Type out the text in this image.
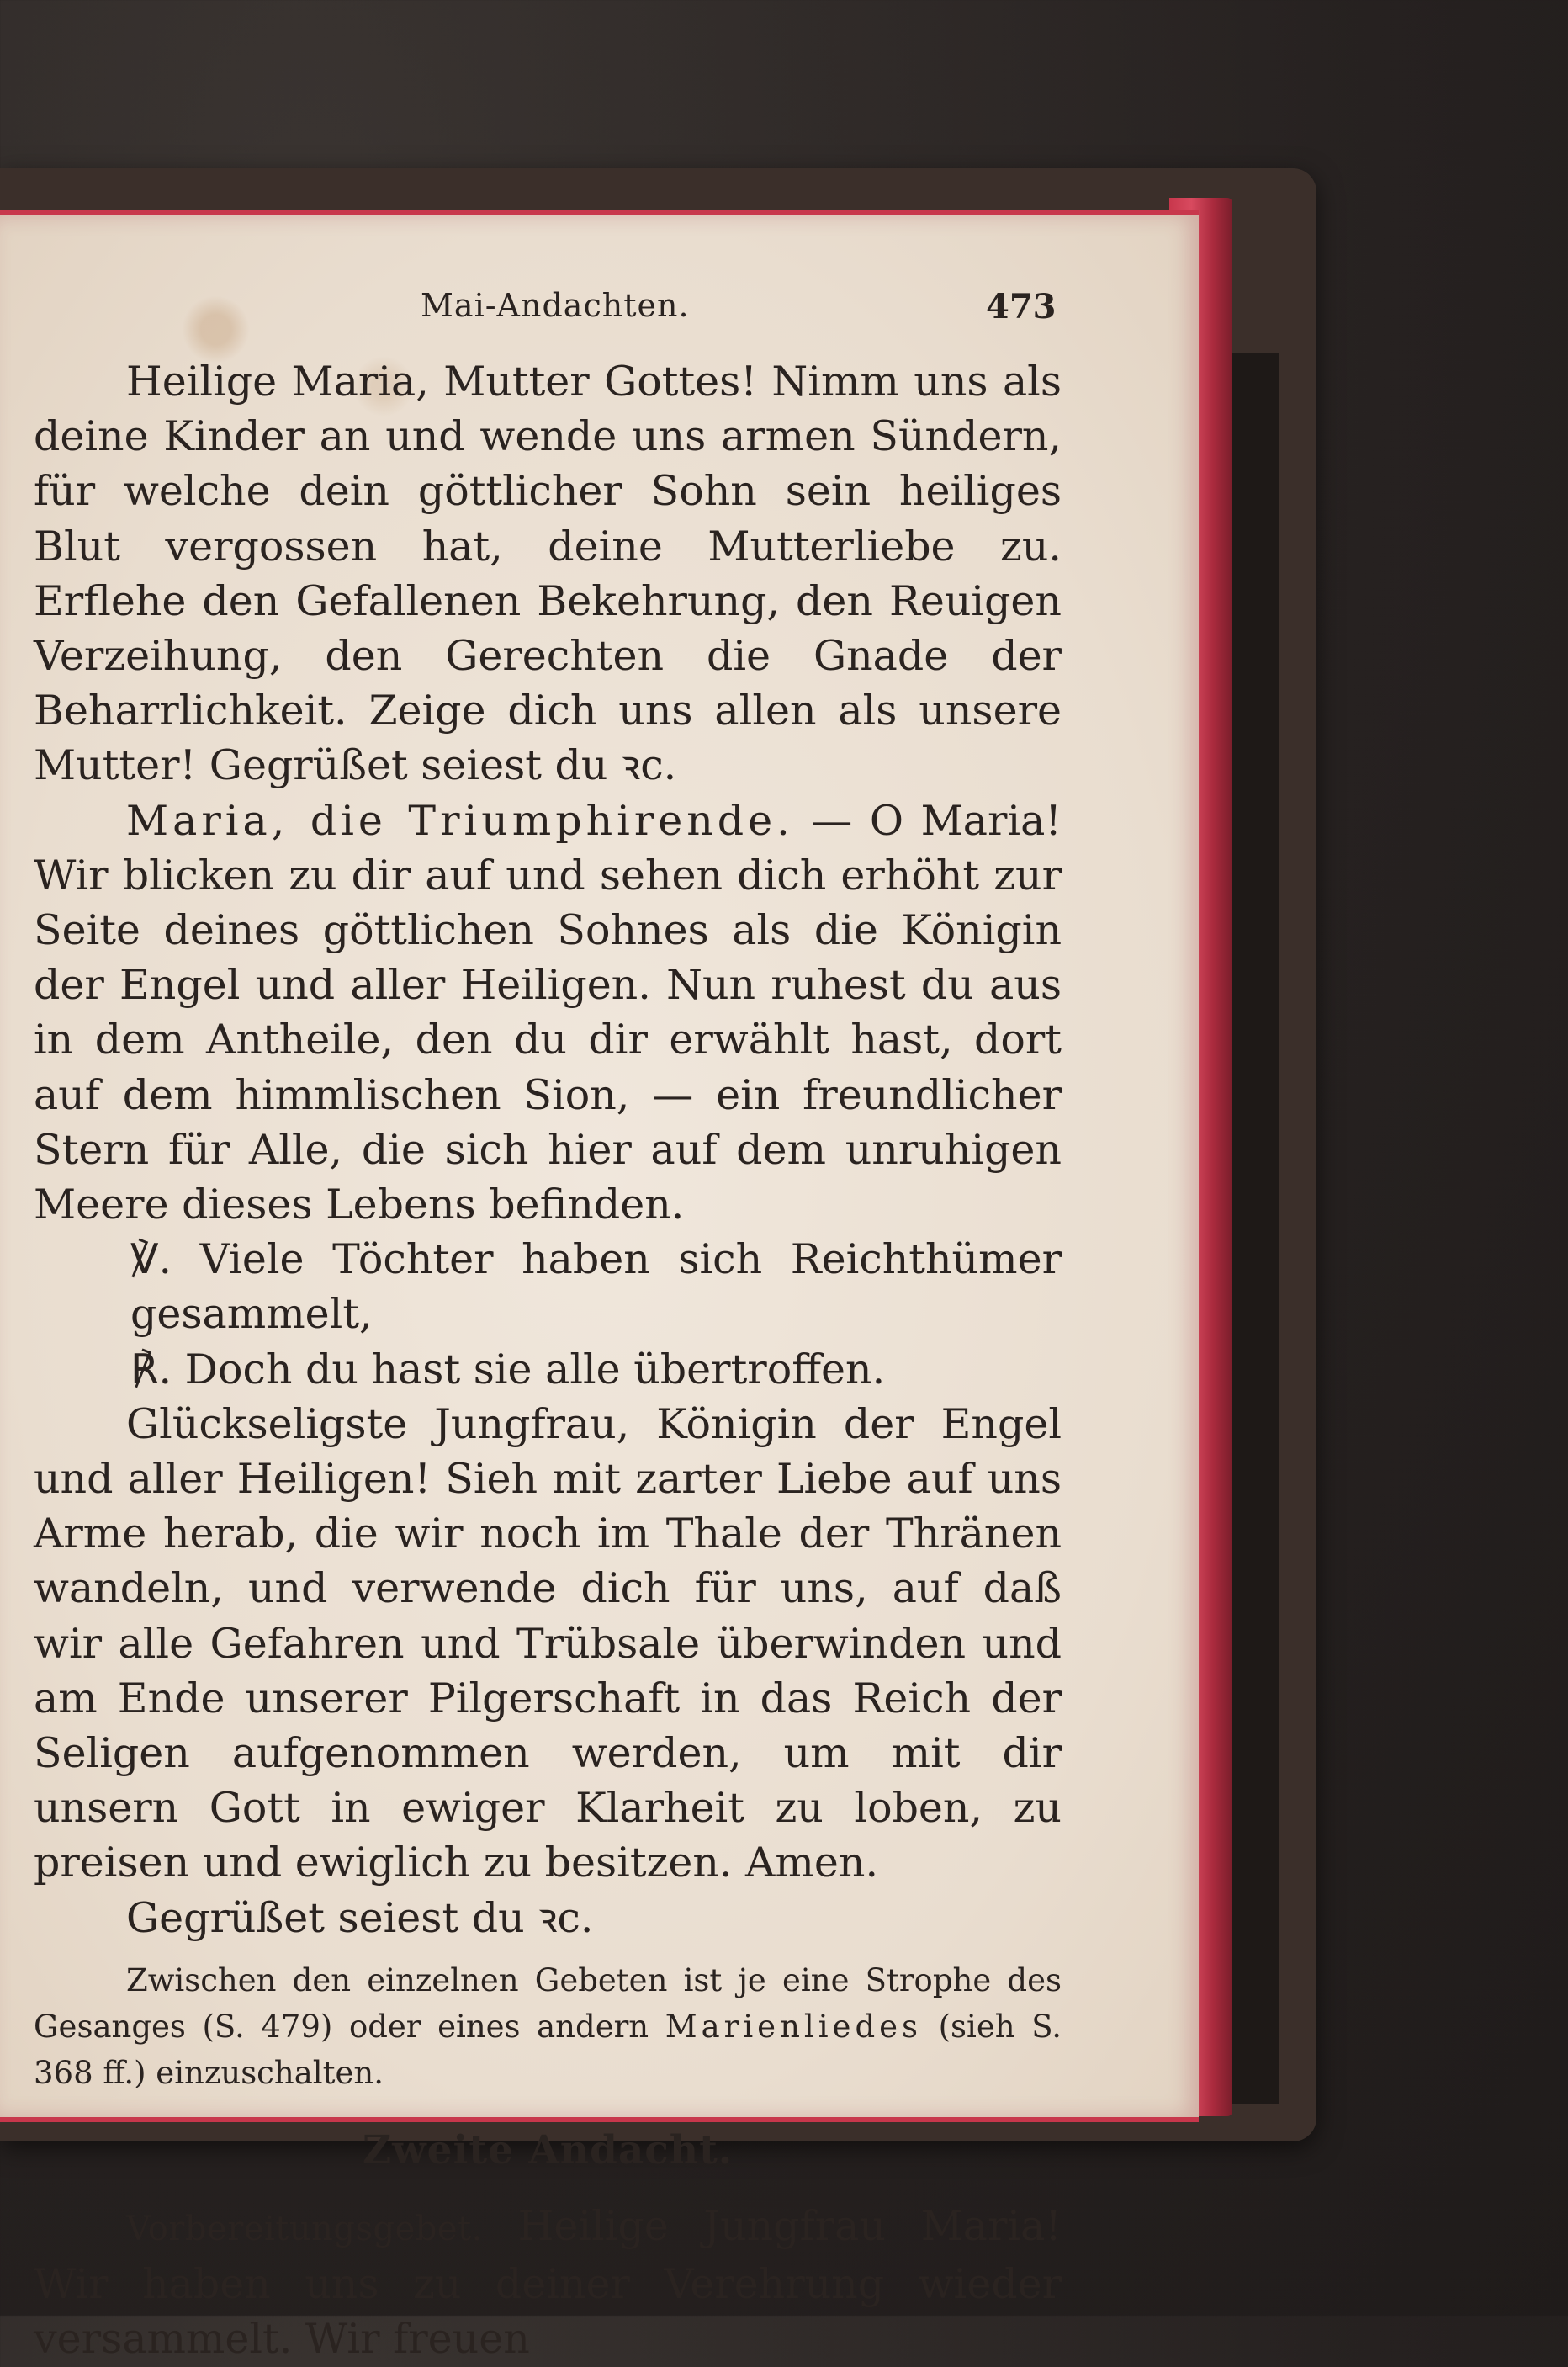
Mai-Andachten.	473

Heilige Maria, Mutter Gottes! Nimm uns als deine Kinder an und wende uns armen Sündern, für welche dein göttlicher Sohn sein heiliges Blut vergossen hat, deine Mutterliebe zu. Erflehe den Gefallenen Bekehrung, den Reuigen Verzeihung, den Gerechten die Gnade der Beharrlichkeit. Zeige dich uns allen als unsere Mutter! Gegrüßet seiest du ꝛc.

Maria, die Triumphirende. — O Maria! Wir blicken zu dir auf und sehen dich erhöht zur Seite deines göttlichen Sohnes als die Königin der Engel und aller Heiligen. Nun ruhest du aus in dem Antheile, den du dir erwählt hast, dort auf dem himmlischen Sion, — ein freundlicher Stern für Alle, die sich hier auf dem unruhigen Meere dieses Lebens befinden.

℣. Viele Töchter haben sich Reichthümer gesammelt,

℟. Doch du hast sie alle übertroffen.

Glückseligste Jungfrau, Königin der Engel und aller Heiligen! Sieh mit zarter Liebe auf uns Arme herab, die wir noch im Thale der Thränen wandeln, und verwende dich für uns, auf daß wir alle Gefahren und Trübsale überwinden und am Ende unserer Pilgerschaft in das Reich der Seligen aufgenommen werden, um mit dir unsern Gott in ewiger Klarheit zu loben, zu preisen und ewiglich zu besitzen. Amen.

Gegrüßet seiest du ꝛc.

Zwischen den einzelnen Gebeten ist je eine Strophe des Gesanges (S. 479) oder eines andern Marienliedes (sieh S. 368 ff.) einzuschalten.

Zweite Andacht.

Vorbereitungsgebet. Heilige Jungfrau Maria! Wir haben uns zu deiner Verehrung wieder versammelt. Wir freuen
